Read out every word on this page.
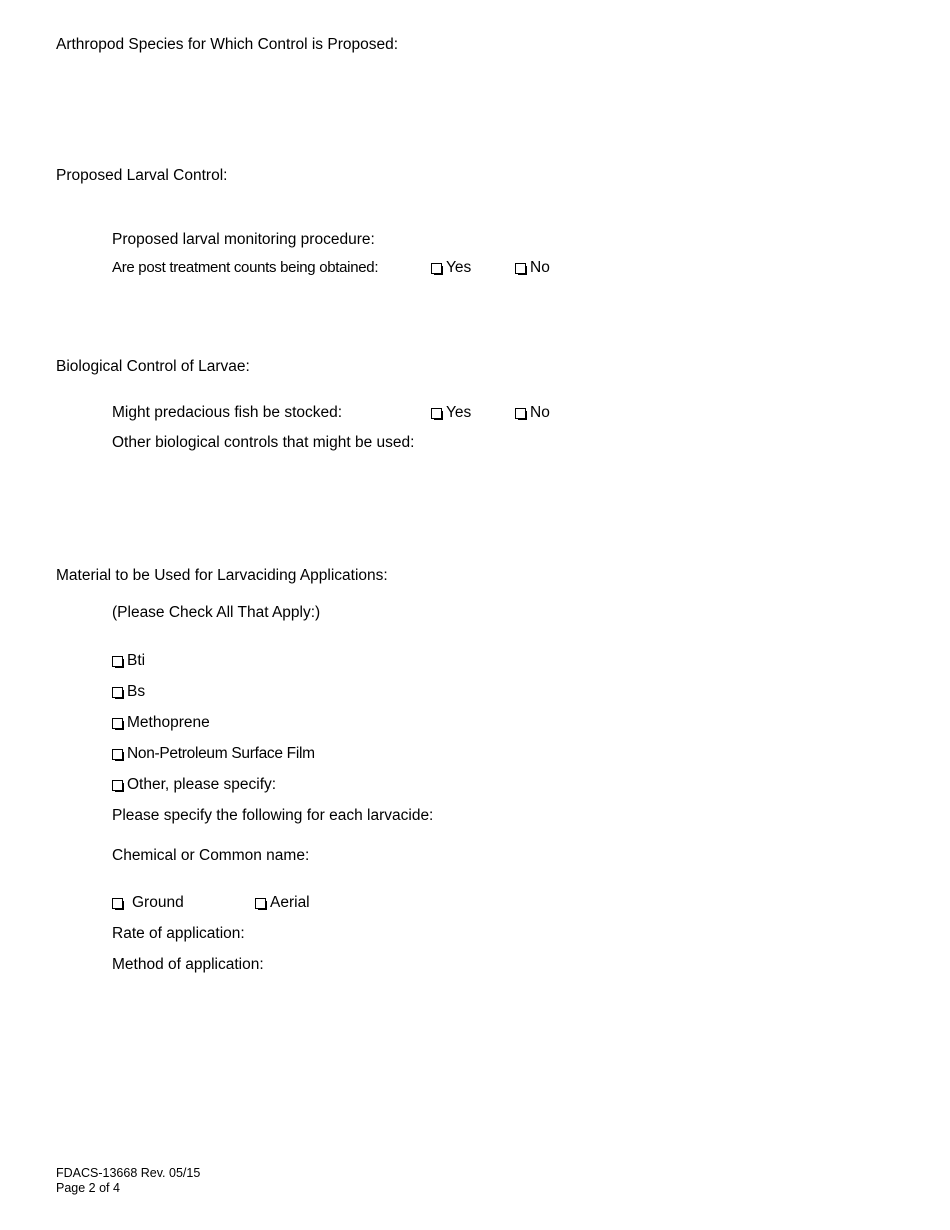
Arthropod Species for Which Control is Proposed:
Proposed Larval Control:
Proposed larval monitoring procedure:
Are post treatment counts being obtained:	Yes	No
Biological Control of Larvae:
Might predacious fish be stocked:	Yes	No
Other biological controls that might be used:
Material to be Used for Larvaciding Applications:
(Please Check All That Apply:)
Bti
Bs
Methoprene
Non-Petroleum Surface Film
Other, please specify:
Please specify the following for each larvacide:
Chemical or Common name:
Ground	Aerial
Rate of application:
Method of application:
FDACS-13668 Rev. 05/15
Page 2 of 4
